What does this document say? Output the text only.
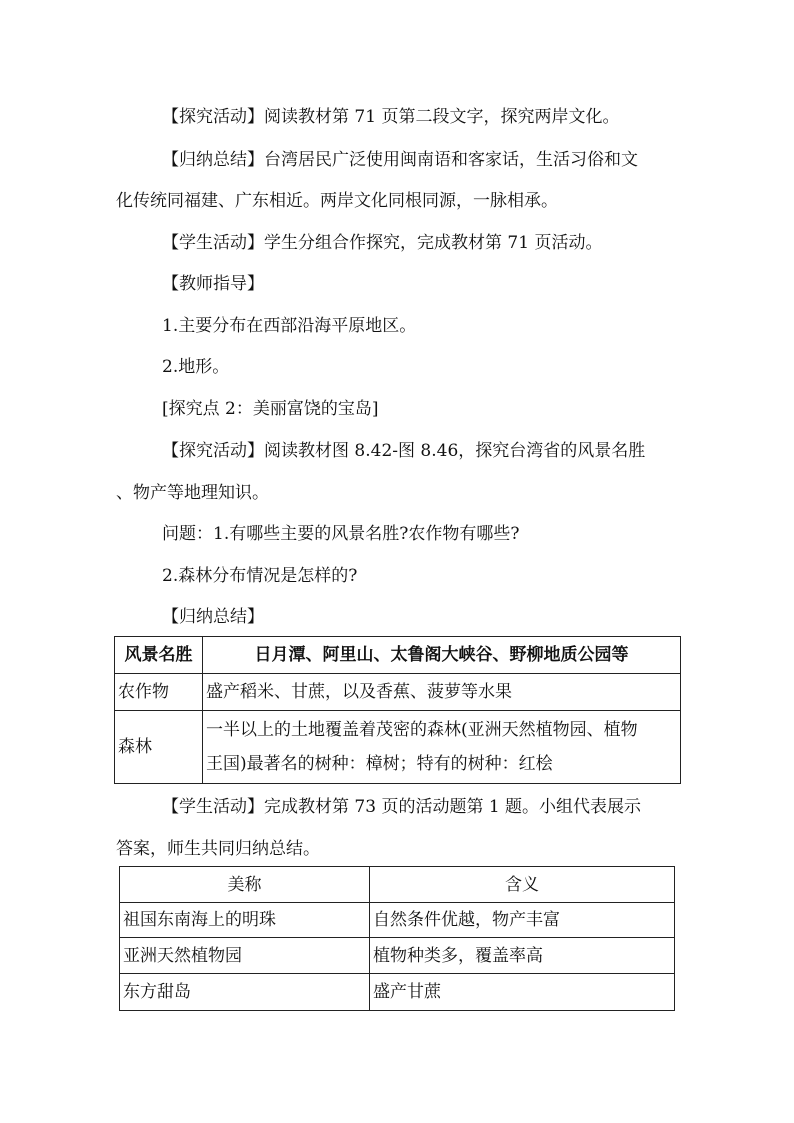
【探究活动】阅读教材第 71 页第二段文字，探究两岸文化。
【归纳总结】台湾居民广泛使用闽南语和客家话，生活习俗和文
化传统同福建、广东相近。两岸文化同根同源，一脉相承。
【学生活动】学生分组合作探究，完成教材第 71 页活动。
【教师指导】
1.主要分布在西部沿海平原地区。
2.地形。
[探究点 2：美丽富饶的宝岛]
【探究活动】阅读教材图 8.42-图 8.46，探究台湾省的风景名胜
、物产等地理知识。
问题：1.有哪些主要的风景名胜?农作物有哪些?
2.森林分布情况是怎样的?
【归纳总结】
风景名胜	日月潭、阿里山、太鲁阁大峡谷、野柳地质公园等
农作物	盛产稻米、甘蔗，以及香蕉、菠萝等水果
森林	一半以上的土地覆盖着茂密的森林(亚洲天然植物园、植物
王国)最著名的树种：樟树；特有的树种：红桧
【学生活动】完成教材第 73 页的活动题第 1 题。小组代表展示
答案，师生共同归纳总结。
美称	含义
祖国东南海上的明珠	自然条件优越，物产丰富
亚洲天然植物园	植物种类多，覆盖率高
东方甜岛	盛产甘蔗
